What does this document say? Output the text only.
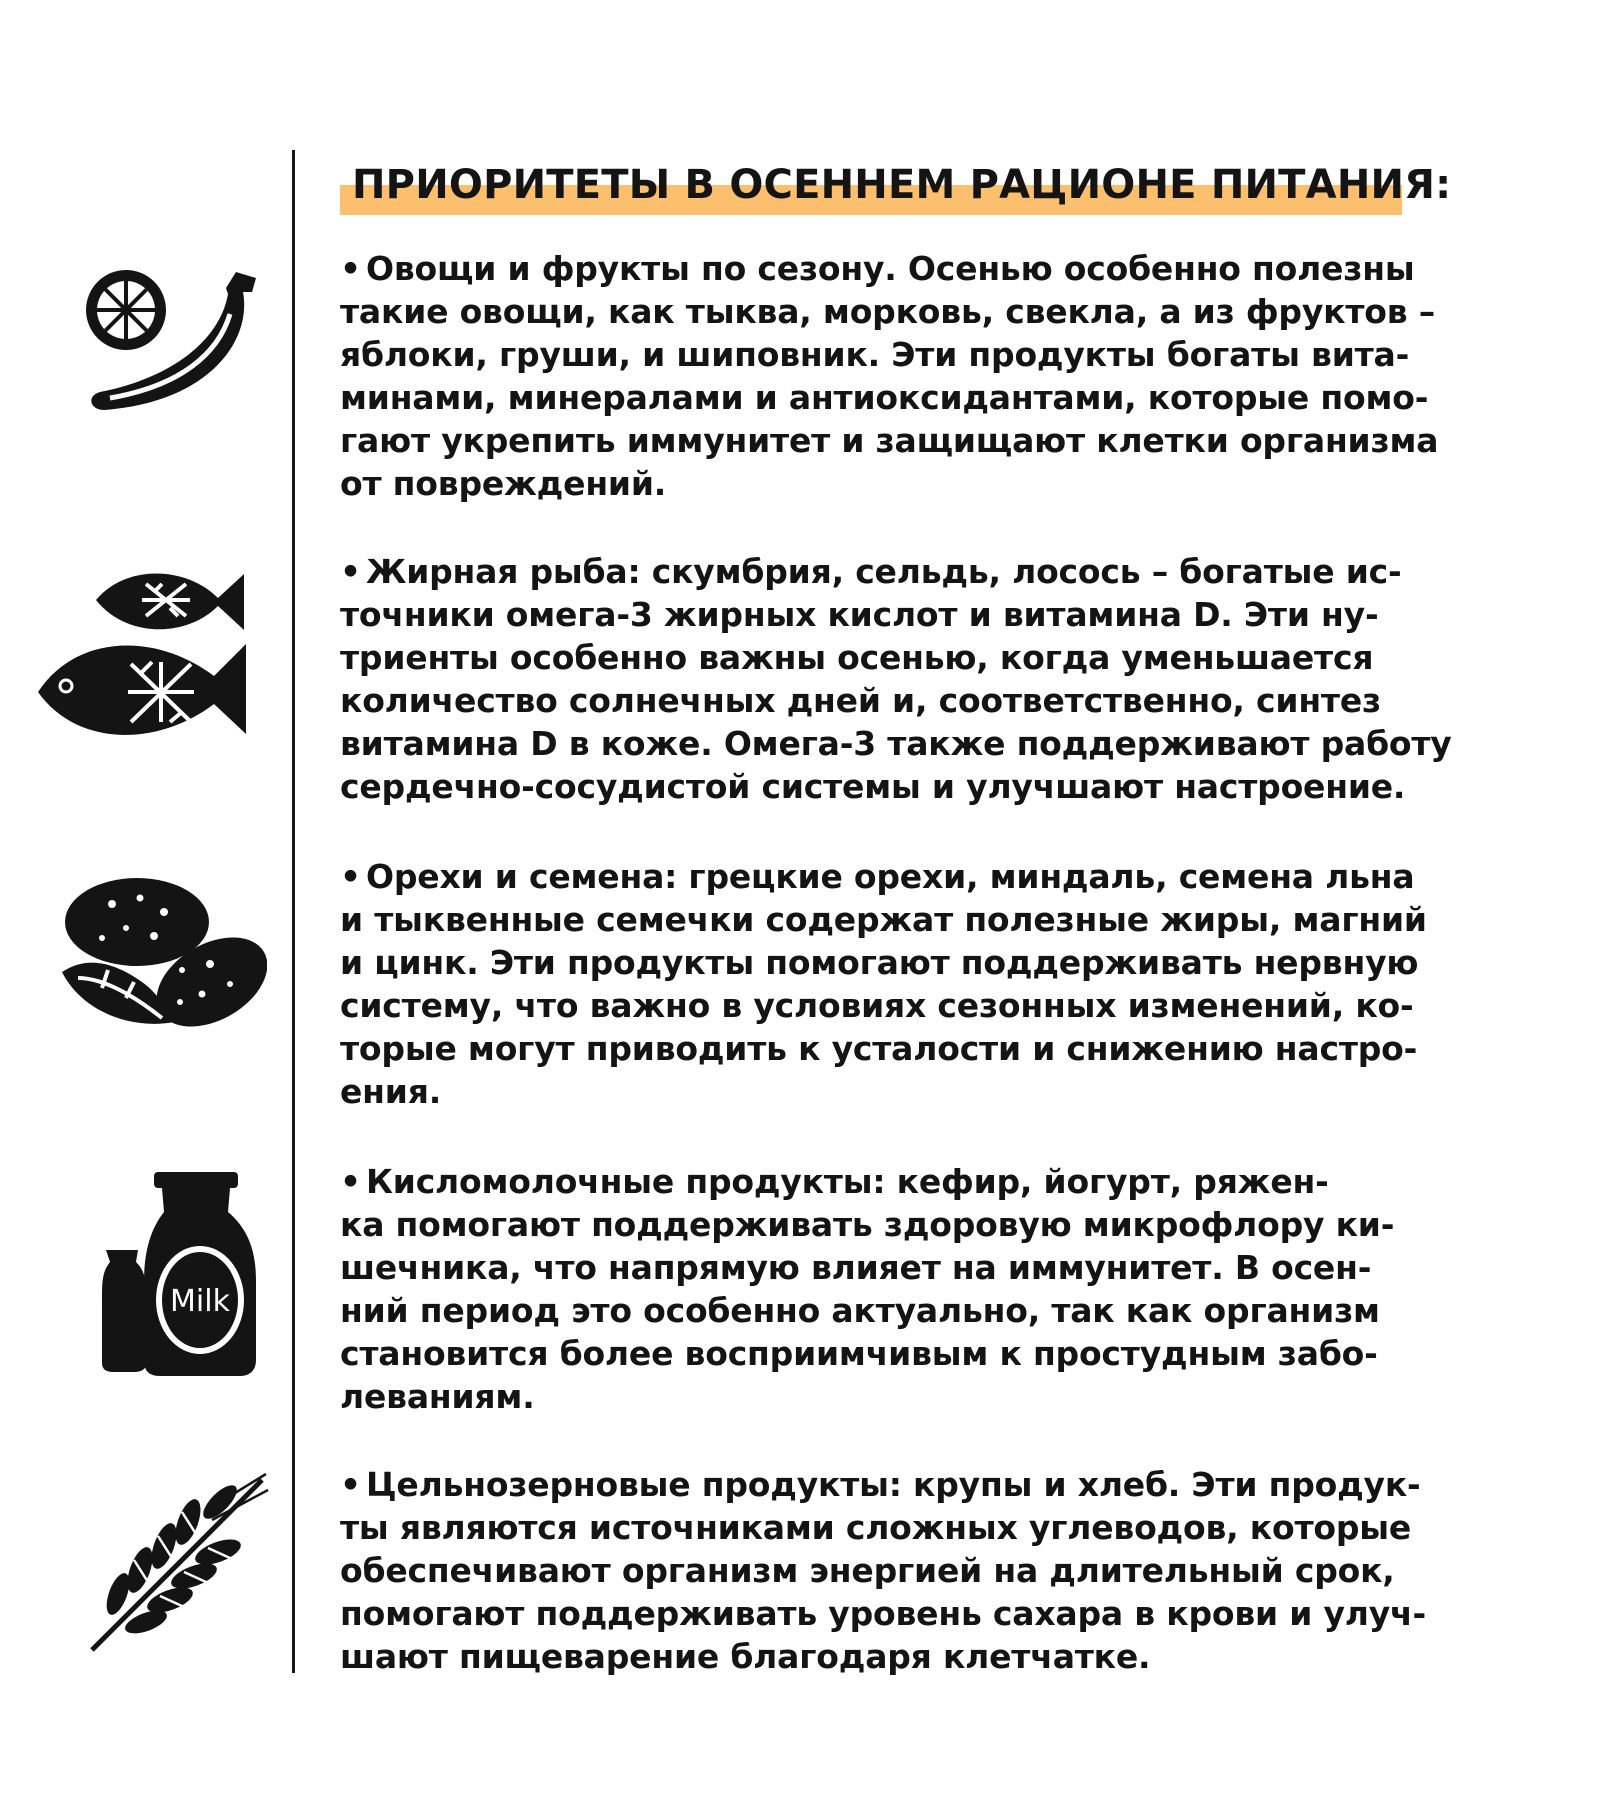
ПРИОРИТЕТЫ В ОСЕННЕМ РАЦИОНЕ ПИТАНИЯ:

• Овощи и фрукты по сезону. Осенью особенно полезны
такие овощи, как тыква, морковь, свекла, а из фруктов –
яблоки, груши, и шиповник. Эти продукты богаты вита-
минами, минералами и антиоксидантами, которые помо-
гают укрепить иммунитет и защищают клетки организма
от повреждений.

• Жирная рыба: скумбрия, сельдь, лосось – богатые ис-
точники омега-3 жирных кислот и витамина D. Эти ну-
триенты особенно важны осенью, когда уменьшается
количество солнечных дней и, соответственно, синтез
витамина D в коже. Омега-3 также поддерживают работу
сердечно-сосудистой системы и улучшают настроение.

• Орехи и семена: грецкие орехи, миндаль, семена льна
и тыквенные семечки содержат полезные жиры, магний
и цинк. Эти продукты помогают поддерживать нервную
систему, что важно в условиях сезонных изменений, ко-
торые могут приводить к усталости и снижению настро-
ения.

Milk

• Кисломолочные продукты: кефир, йогурт, ряжен-
ка помогают поддерживать здоровую микрофлору ки-
шечника, что напрямую влияет на иммунитет. В осен-
ний период это особенно актуально, так как организм
становится более восприимчивым к простудным забо-
леваниям.

• Цельнозерновые продукты: крупы и хлеб. Эти продук-
ты являются источниками сложных углеводов, которые
обеспечивают организм энергией на длительный срок,
помогают поддерживать уровень сахара в крови и улуч-
шают пищеварение благодаря клетчатке.
